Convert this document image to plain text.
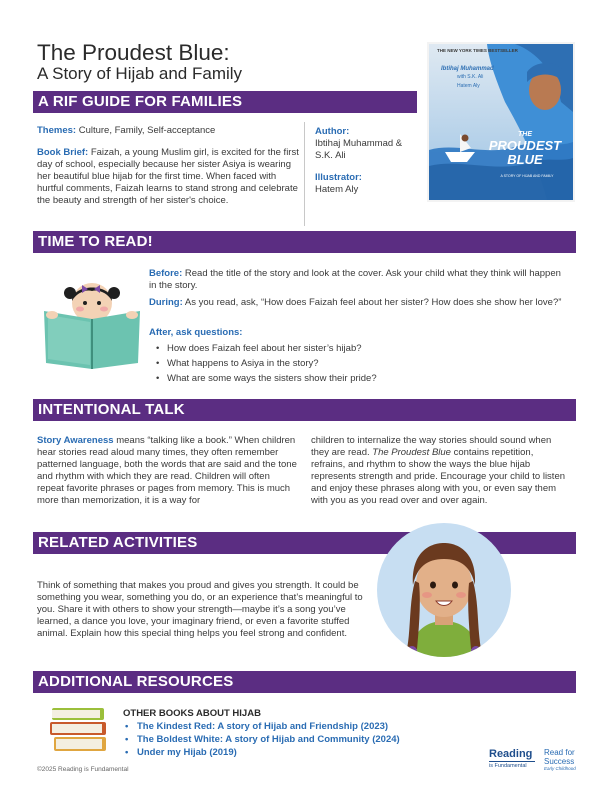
The Proudest Blue:
A Story of Hijab and Family
THE NEW YORK TIMES BESTSELLER
Ibtihaj Muhammad
with S.K. Ali
Hatem Aly
THE
PROUDEST
BLUE
A STORY OF HIJAB AND FAMILY
A RIF GUIDE FOR FAMILIES
Themes: Culture, Family, Self-acceptance
Book Brief: Faizah, a young Muslim girl, is excited for the first day of school, especially because her sister Asiya is wearing her beautiful blue hijab for the first time. When faced with hurtful comments, Faizah learns to stand strong and celebrate the beauty and strength of her sister's choice.
Author:
Ibtihaj Muhammad &
S.K. Ali
Illustrator:
Hatem Aly
TIME TO READ!
Before: Read the title of the story and look at the cover. Ask your child what they think will happen in the story.
During: As you read, ask, “How does Faizah feel about her sister? How does she show her love?”
After, ask questions:
• How does Faizah feel about her sister’s hijab?
• What happens to Asiya in the story?
• What are some ways the sisters show their pride?
INTENTIONAL TALK
Story Awareness means “talking like a book.” When children hear stories read aloud many times, they often remember patterned language, both the words that are said and the tone and rhythm with which they are read. Children will often repeat favorite phrases or pages from memory. This is much more than memorization, it is a way for
children to internalize the way stories should sound when they are read. The Proudest Blue contains repetition, refrains, and rhythm to show the ways the blue hijab represents strength and pride. Encourage your child to listen and enjoy these phrases along with you, or even say them with you as you read over and over again.
RELATED ACTIVITIES
Think of something that makes you proud and gives you strength. It could be something you wear, something you do, or an experience that’s meaningful to you. Share it with others to show your strength—maybe it’s a song you’ve learned, a dance you love, your imaginary friend, or even a favorite stuffed animal. Explain how this special thing helps you feel strong and confident.
ADDITIONAL RESOURCES
OTHER BOOKS ABOUT HIJAB
• The Kindest Red: A story of Hijab and Friendship (2023)
• The Boldest White: A story of Hijab and Community (2024)
• Under my Hijab (2019)	Reading
is Fundamental
Read for
Success
Early Childhood
©2025 Reading is Fundamental
